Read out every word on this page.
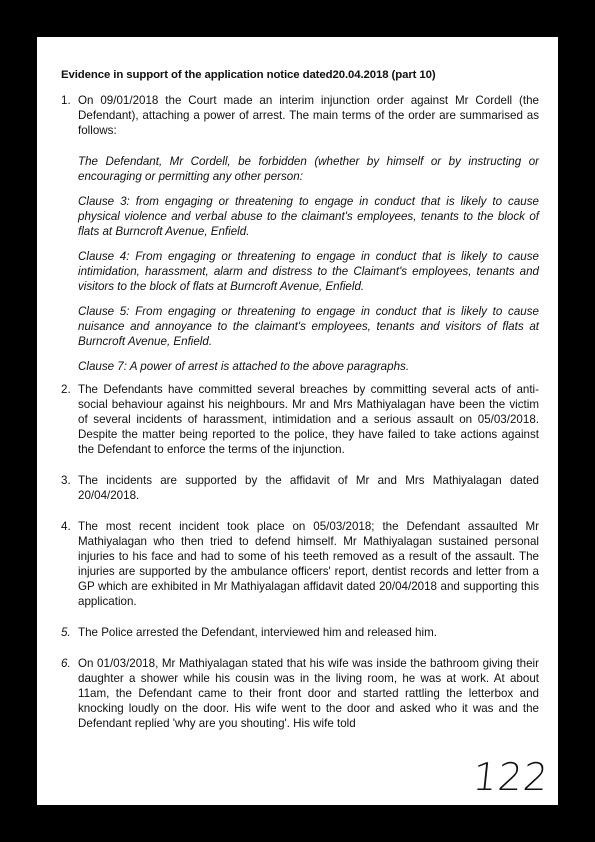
Evidence in support of the application notice dated20.04.2018 (part 10)
1. On 09/01/2018 the Court made an interim injunction order against Mr Cordell (the Defendant), attaching a power of arrest. The main terms of the order are summarised as follows:
The Defendant, Mr Cordell, be forbidden (whether by himself or by instructing or encouraging or permitting any other person:
Clause 3: from engaging or threatening to engage in conduct that is likely to cause physical violence and verbal abuse to the claimant's employees, tenants to the block of flats at Burncroft Avenue, Enfield.
Clause 4: From engaging or threatening to engage in conduct that is likely to cause intimidation, harassment, alarm and distress to the Claimant's employees, tenants and visitors to the block of flats at Burncroft Avenue, Enfield.
Clause 5: From engaging or threatening to engage in conduct that is likely to cause nuisance and annoyance to the claimant's employees, tenants and visitors of flats at Burncroft Avenue, Enfield.
Clause 7: A power of arrest is attached to the above paragraphs.
2. The Defendants have committed several breaches by committing several acts of anti-social behaviour against his neighbours. Mr and Mrs Mathiyalagan have been the victim of several incidents of harassment, intimidation and a serious assault on 05/03/2018. Despite the matter being reported to the police, they have failed to take actions against the Defendant to enforce the terms of the injunction.
3. The incidents are supported by the affidavit of Mr and Mrs Mathiyalagan dated 20/04/2018.
4. The most recent incident took place on 05/03/2018; the Defendant assaulted Mr Mathiyalagan who then tried to defend himself. Mr Mathiyalagan sustained personal injuries to his face and had to some of his teeth removed as a result of the assault. The injuries are supported by the ambulance officers' report, dentist records and letter from a GP which are exhibited in Mr Mathiyalagan affidavit dated 20/04/2018 and supporting this application.
5. The Police arrested the Defendant, interviewed him and released him.
6. On 01/03/2018, Mr Mathiyalagan stated that his wife was inside the bathroom giving their daughter a shower while his cousin was in the living room, he was at work. At about 11am, the Defendant came to their front door and started rattling the letterbox and knocking loudly on the door. His wife went to the door and asked who it was and the Defendant replied 'why are you shouting'. His wife told
122
